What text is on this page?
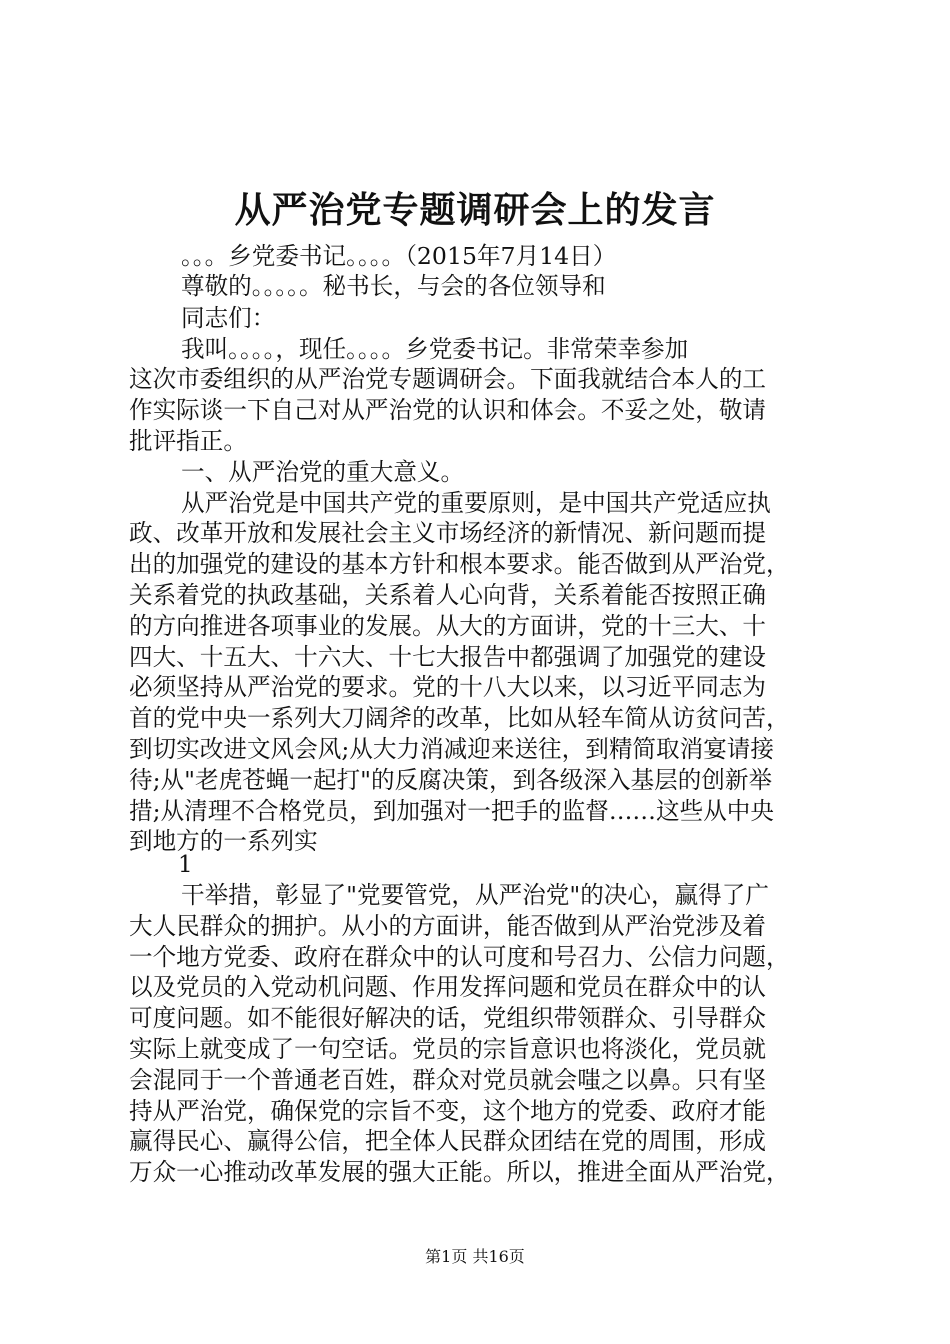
从严治党专题调研会上的发言
。。。乡党委书记。。。。（2015年7月14日）
尊敬的。。。。。秘书长，与会的各位领导和
同志们：
我叫。。。。，现任。。。。乡党委书记。非常荣幸参加
这次市委组织的从严治党专题调研会。下面我就结合本人的工
作实际谈一下自己对从严治党的认识和体会。不妥之处，敬请
批评指正。
一、从严治党的重大意义。
从严治党是中国共产党的重要原则，是中国共产党适应执
政、改革开放和发展社会主义市场经济的新情况、新问题而提
出的加强党的建设的基本方针和根本要求。能否做到从严治党，
关系着党的执政基础，关系着人心向背，关系着能否按照正确
的方向推进各项事业的发展。从大的方面讲，党的十三大、十
四大、十五大、十六大、十七大报告中都强调了加强党的建设
必须坚持从严治党的要求。党的十八大以来，以习近平同志为
首的党中央一系列大刀阔斧的改革，比如从轻车简从访贫问苦，
到切实改进文风会风;从大力消减迎来送往，到精简取消宴请接
待;从"老虎苍蝇一起打"的反腐决策，到各级深入基层的创新举
措;从清理不合格党员，到加强对一把手的监督……这些从中央
到地方的一系列实
1
干举措，彰显了"党要管党，从严治党"的决心，赢得了广
大人民群众的拥护。从小的方面讲，能否做到从严治党涉及着
一个地方党委、政府在群众中的认可度和号召力、公信力问题，
以及党员的入党动机问题、作用发挥问题和党员在群众中的认
可度问题。如不能很好解决的话，党组织带领群众、引导群众
实际上就变成了一句空话。党员的宗旨意识也将淡化，党员就
会混同于一个普通老百姓，群众对党员就会嗤之以鼻。只有坚
持从严治党，确保党的宗旨不变，这个地方的党委、政府才能
赢得民心、赢得公信，把全体人民群众团结在党的周围，形成
万众一心推动改革发展的强大正能。所以，推进全面从严治党，
第1页 共16页
